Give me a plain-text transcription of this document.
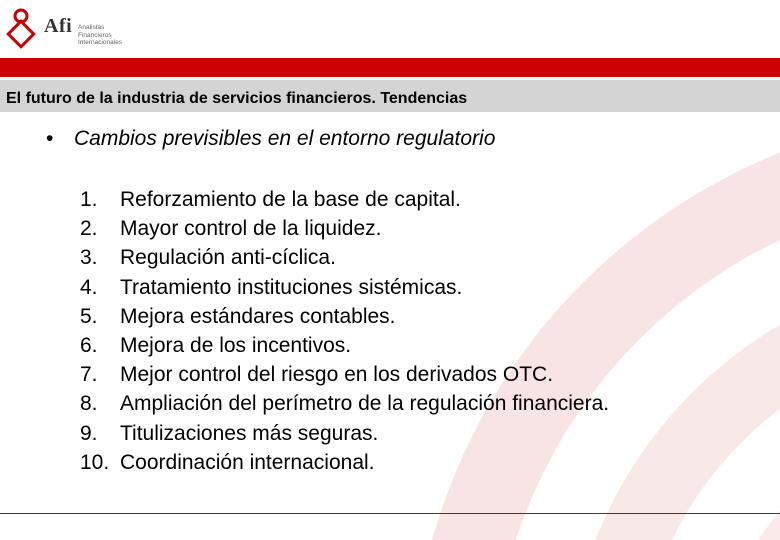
Afi Analistas
Financieros
Internacionales
El futuro de la industria de servicios financieros. Tendencias
• Cambios previsibles en el entorno regulatorio
1. Reforzamiento de la base de capital.
2. Mayor control de la liquidez.
3. Regulación anti-cíclica.
4. Tratamiento instituciones sistémicas.
5. Mejora estándares contables.
6. Mejora de los incentivos.
7. Mejor control del riesgo en los derivados OTC.
8. Ampliación del perímetro de la regulación financiera.
9. Titulizaciones más seguras.
10. Coordinación internacional.
